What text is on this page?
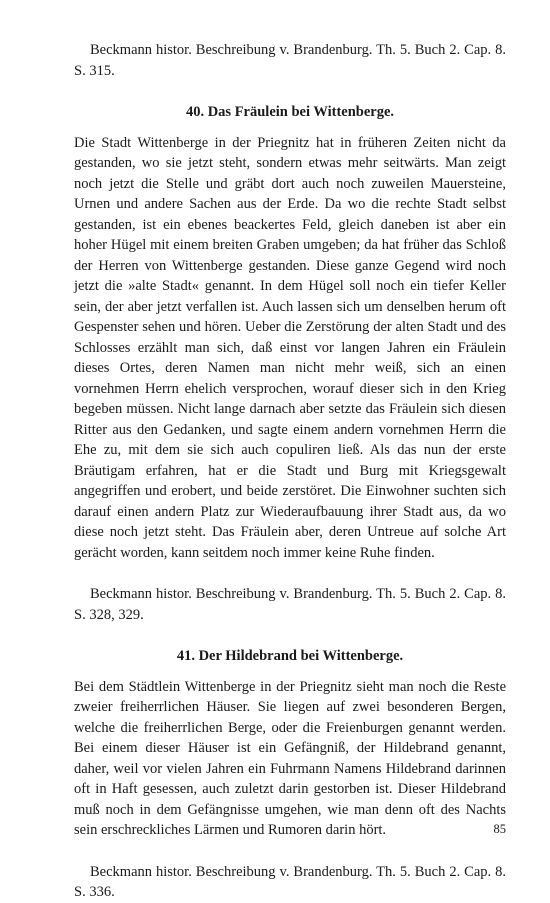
Beckmann histor. Beschreibung v. Brandenburg. Th. 5. Buch 2. Cap. 8. S. 315.

40. Das Fräulein bei Wittenberge.

Die Stadt Wittenberge in der Priegnitz hat in früheren Zeiten nicht da gestanden, wo sie jetzt steht, sondern etwas mehr seitwärts. Man zeigt noch jetzt die Stelle und gräbt dort auch noch zuweilen Mauersteine, Urnen und andere Sachen aus der Erde. Da wo die rechte Stadt selbst gestanden, ist ein ebenes beackertes Feld, gleich daneben ist aber ein hoher Hügel mit einem breiten Graben umgeben; da hat früher das Schloß der Herren von Wittenberge gestanden. Diese ganze Gegend wird noch jetzt die »alte Stadt« genannt. In dem Hügel soll noch ein tiefer Keller sein, der aber jetzt verfallen ist. Auch lassen sich um denselben herum oft Gespenster sehen und hören. Ueber die Zerstörung der alten Stadt und des Schlosses erzählt man sich, daß einst vor langen Jahren ein Fräulein dieses Ortes, deren Namen man nicht mehr weiß, sich an einen vornehmen Herrn ehelich versprochen, worauf dieser sich in den Krieg begeben müssen. Nicht lange darnach aber setzte das Fräulein sich diesen Ritter aus den Gedanken, und sagte einem andern vornehmen Herrn die Ehe zu, mit dem sie sich auch copuliren ließ. Als das nun der erste Bräutigam erfahren, hat er die Stadt und Burg mit Kriegsgewalt angegriffen und erobert, und beide zerstöret. Die Einwohner suchten sich darauf einen andern Platz zur Wiederaufbauung ihrer Stadt aus, da wo diese noch jetzt steht. Das Fräulein aber, deren Untreue auf solche Art gerächt worden, kann seitdem noch immer keine Ruhe finden.

Beckmann histor. Beschreibung v. Brandenburg. Th. 5. Buch 2. Cap. 8. S. 328, 329.

41. Der Hildebrand bei Wittenberge.

Bei dem Städtlein Wittenberge in der Priegnitz sieht man noch die Reste zweier freiherrlichen Häuser. Sie liegen auf zwei besonderen Bergen, welche die freiherrlichen Berge, oder die Freienburgen genannt werden. Bei einem dieser Häuser ist ein Gefängniß, der Hildebrand genannt, daher, weil vor vielen Jahren ein Fuhrmann Namens Hildebrand darinnen oft in Haft gesessen, auch zuletzt darin gestorben ist. Dieser Hildebrand muß noch in dem Gefängnisse umgehen, wie man denn oft des Nachts sein erschreckliches Lärmen und Rumoren darin hört.

Beckmann histor. Beschreibung v. Brandenburg. Th. 5. Buch 2. Cap. 8. S. 336.

85
